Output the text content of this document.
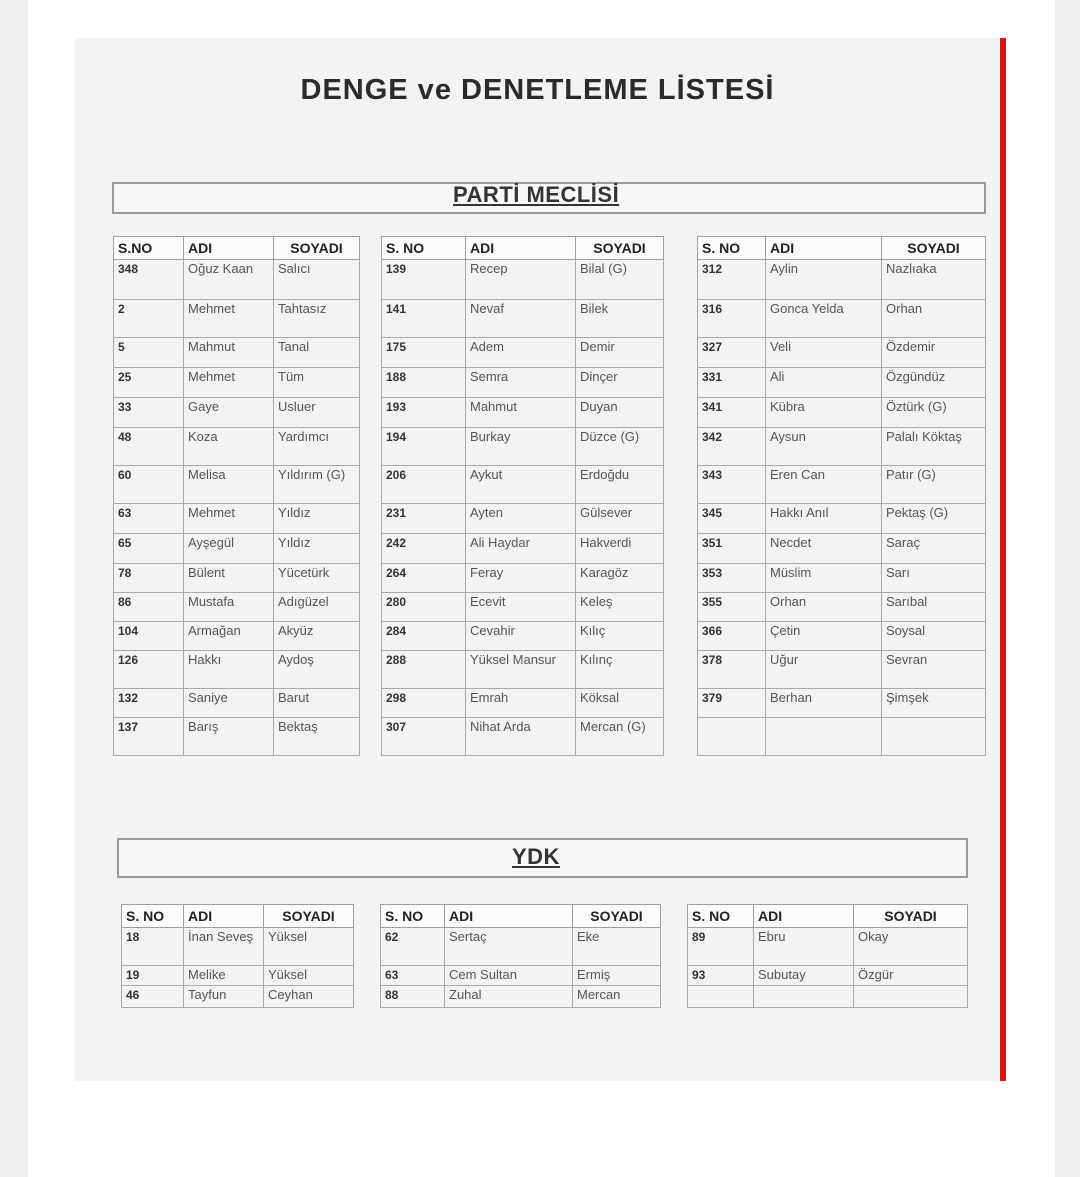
DENGE ve DENETLEME LİSTESİ
PARTİ MECLİSİ
S.NO	ADI	SOYADI
348	Oğuz Kaan	Salıcı
2	Mehmet	Tahtasız
5	Mahmut	Tanal
25	Mehmet	Tüm
33	Gaye	Usluer
48	Koza	Yardımcı
60	Melisa	Yıldırım (G)
63	Mehmet	Yıldız
65	Ayşegül	Yıldız
78	Bülent	Yücetürk
86	Mustafa	Adıgüzel
104	Armağan	Akyüz
126	Hakkı	Aydoş
132	Saniye	Barut
137	Barış	Bektaş
S. NO	ADI	SOYADI
139	Recep	Bilal (G)
141	Nevaf	Bilek
175	Adem	Demir
188	Semra	Dinçer
193	Mahmut	Duyan
194	Burkay	Düzce (G)
206	Aykut	Erdoğdu
231	Ayten	Gülsever
242	Ali Haydar	Hakverdi
264	Feray	Karagöz
280	Ecevit	Keleş
284	Cevahir	Kılıç
288	Yüksel Mansur	Kılınç
298	Emrah	Köksal
307	Nihat Arda	Mercan (G)
S. NO	ADI	SOYADI
312	Aylin	Nazlıaka
316	Gonca Yelda	Orhan
327	Veli	Özdemir
331	Ali	Özgündüz
341	Kübra	Öztürk (G)
342	Aysun	Palalı Köktaş
343	Eren Can	Patır (G)
345	Hakkı Anıl	Pektaş (G)
351	Necdet	Saraç
353	Müslim	Sarı
355	Orhan	Sarıbal
366	Çetin	Soysal
378	Uğur	Sevran
379	Berhan	Şimşek

YDK
S. NO	ADI	SOYADI
18	İnan Seveş	Yüksel
19	Melike	Yüksel
46	Tayfun	Ceyhan
S. NO	ADI	SOYADI
62	Sertaç	Eke
63	Cem Sultan	Ermiş
88	Zuhal	Mercan
S. NO	ADI	SOYADI
89	Ebru	Okay
93	Subutay	Özgür
